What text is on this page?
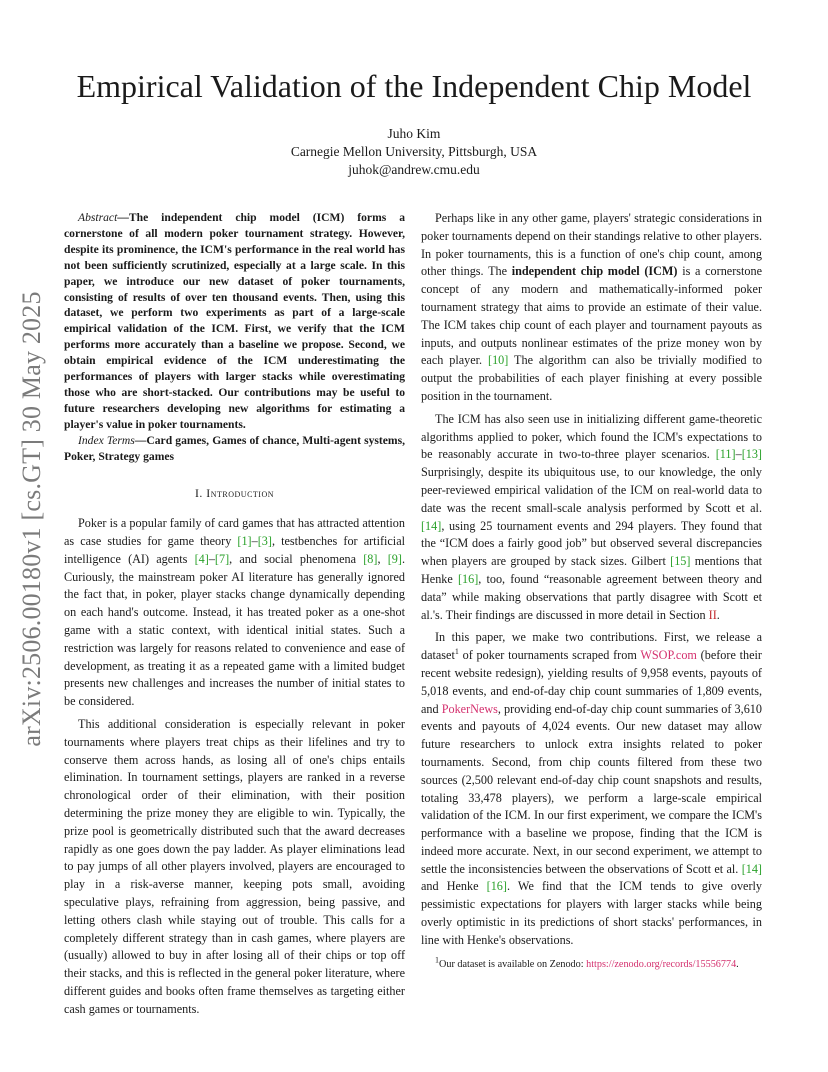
arXiv:2506.00180v1 [cs.GT] 30 May 2025
Empirical Validation of the Independent Chip Model
Juho Kim
Carnegie Mellon University, Pittsburgh, USA
juhok@andrew.cmu.edu

Abstract—The independent chip model (ICM) forms a cornerstone of all modern poker tournament strategy. However, despite its prominence, the ICM's performance in the real world has not been sufficiently scrutinized, especially at a large scale. In this paper, we introduce our new dataset of poker tournaments, consisting of results of over ten thousand events. Then, using this dataset, we perform two experiments as part of a large-scale empirical validation of the ICM. First, we verify that the ICM performs more accurately than a baseline we propose. Second, we obtain empirical evidence of the ICM underestimating the performances of players with larger stacks while overestimating those who are short-stacked. Our contributions may be useful to future researchers developing new algorithms for estimating a player's value in poker tournaments.

Index Terms—Card games, Games of chance, Multi-agent systems, Poker, Strategy games

I. Introduction

Poker is a popular family of card games that has attracted attention as case studies for game theory [1]–[3], testbenches for artificial intelligence (AI) agents [4]–[7], and social phenomena [8], [9]. Curiously, the mainstream poker AI literature has generally ignored the fact that, in poker, player stacks change dynamically depending on each hand's outcome. Instead, it has treated poker as a one-shot game with a static context, with identical initial states. Such a restriction was largely for reasons related to convenience and ease of development, as treating it as a repeated game with a limited budget presents new challenges and increases the number of initial states to be considered.

This additional consideration is especially relevant in poker tournaments where players treat chips as their lifelines and try to conserve them across hands, as losing all of one's chips entails elimination. In tournament settings, players are ranked in a reverse chronological order of their elimination, with their position determining the prize money they are eligible to win. Typically, the prize pool is geometrically distributed such that the award decreases rapidly as one goes down the pay ladder. As player eliminations lead to pay jumps of all other players involved, players are encouraged to play in a risk-averse manner, keeping pots small, avoiding speculative plays, refraining from aggression, being passive, and letting others clash while staying out of trouble. This calls for a completely different strategy than in cash games, where players are (usually) allowed to buy in after losing all of their chips or top off their stacks, and this is reflected in the general poker literature, where different guides and books often frame themselves as targeting either cash games or tournaments.

Perhaps like in any other game, players' strategic considerations in poker tournaments depend on their standings relative to other players. In poker tournaments, this is a function of one's chip count, among other things. The independent chip model (ICM) is a cornerstone concept of any modern and mathematically-informed poker tournament strategy that aims to provide an estimate of their value. The ICM takes chip count of each player and tournament payouts as inputs, and outputs nonlinear estimates of the prize money won by each player. [10] The algorithm can also be trivially modified to output the probabilities of each player finishing at every possible position in the tournament.

The ICM has also seen use in initializing different game-theoretic algorithms applied to poker, which found the ICM's expectations to be reasonably accurate in two-to-three player scenarios. [11]–[13] Surprisingly, despite its ubiquitous use, to our knowledge, the only peer-reviewed empirical validation of the ICM on real-world data to date was the recent small-scale analysis performed by Scott et al. [14], using 25 tournament events and 294 players. They found that the “ICM does a fairly good job” but observed several discrepancies when players are grouped by stack sizes. Gilbert [15] mentions that Henke [16], too, found “reasonable agreement between theory and data” while making observations that partly disagree with Scott et al.'s. Their findings are discussed in more detail in Section II.

In this paper, we make two contributions. First, we release a dataset$^1$ of poker tournaments scraped from WSOP.com (before their recent website redesign), yielding results of 9,958 events, payouts of 5,018 events, and end-of-day chip count summaries of 1,809 events, and PokerNews, providing end-of-day chip count summaries of 3,610 events and payouts of 4,024 events. Our new dataset may allow future researchers to unlock extra insights related to poker tournaments. Second, from chip counts filtered from these two sources (2,500 relevant end-of-day chip count snapshots and results, totaling 33,478 players), we perform a large-scale empirical validation of the ICM. In our first experiment, we compare the ICM's performance with a baseline we propose, finding that the ICM is indeed more accurate. Next, in our second experiment, we attempt to settle the inconsistencies between the observations of Scott et al. [14] and Henke [16]. We find that the ICM tends to give overly pessimistic expectations for players with larger stacks while being overly optimistic in its predictions of short stacks' performances, in line with Henke's observations.

$^1$Our dataset is available on Zenodo: https://zenodo.org/records/15556774.
